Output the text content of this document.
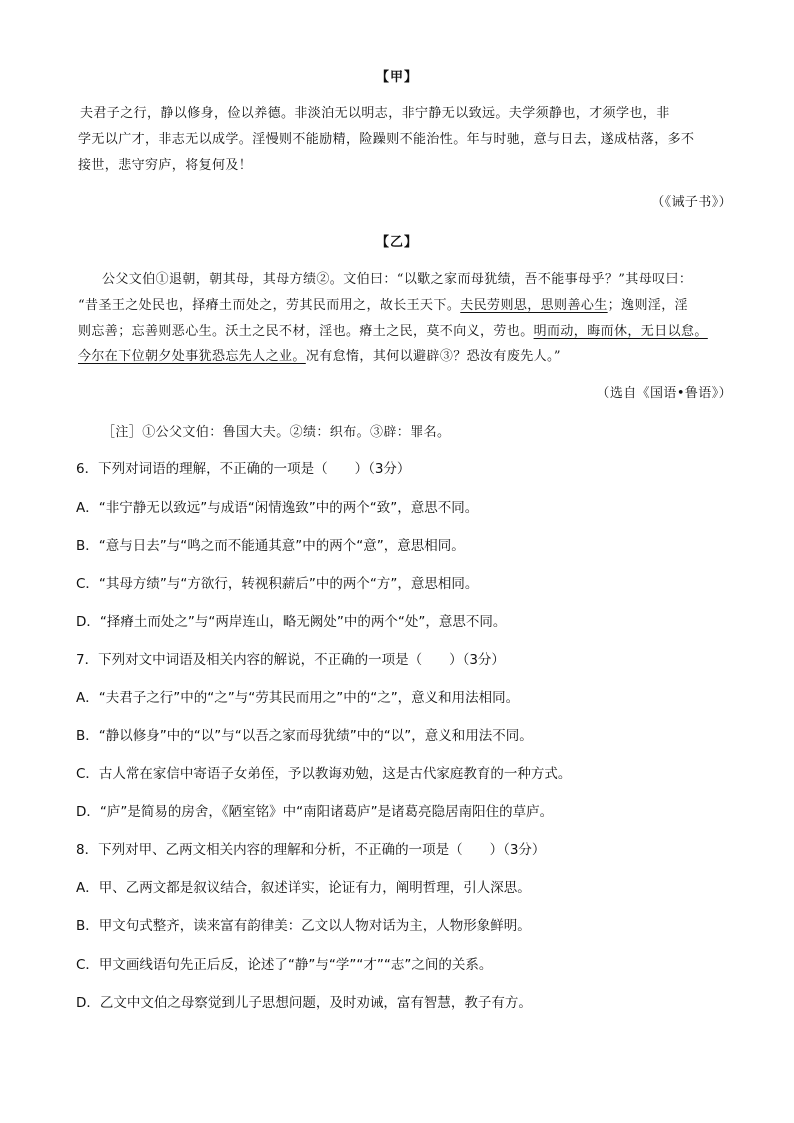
【甲】
夫君子之行，静以修身，俭以养德。非淡泊无以明志，非宁静无以致远。夫学须静也，才须学也，非
学无以广才，非志无以成学。淫慢则不能励精，险躁则不能治性。年与时驰，意与日去，遂成枯落，多不
接世，悲守穷庐，将复何及！
（《诫子书》）
【乙】
公父文伯①退朝，朝其母，其母方绩②。文伯曰：“以歜之家而母犹绩，吾不能事母乎？”其母叹曰：
“昔圣王之处民也，择瘠土而处之，劳其民而用之，故长王天下。夫民劳则思，思则善心生；逸则淫，淫
则忘善；忘善则恶心生。沃土之民不材，淫也。瘠土之民，莫不向义，劳也。明而动，晦而休，无日以怠。
今尔在下位朝夕处事犹恐忘先人之业。况有怠惰，其何以避辟③？恐汝有废先人。”
（选自《国语•鲁语》）
［注］①公父文伯：鲁国大夫。②绩：织布。③辟：罪名。
6．下列对词语的理解，不正确的一项是（　　）（3分）
A．“非宁静无以致远”与成语“闲情逸致”中的两个“致”，意思不同。
B．“意与日去”与“鸣之而不能通其意”中的两个“意”，意思相同。
C．“其母方绩”与“方欲行，转视积薪后”中的两个“方”，意思相同。
D．“择瘠土而处之”与“两岸连山，略无阙处”中的两个“处”，意思不同。
7．下列对文中词语及相关内容的解说，不正确的一项是（　　）（3分）
A．“夫君子之行”中的“之”与“劳其民而用之”中的“之”，意义和用法相同。
B．“静以修身”中的“以”与“以吾之家而母犹绩”中的“以”，意义和用法不同。
C．古人常在家信中寄语子女弟侄，予以教诲劝勉，这是古代家庭教育的一种方式。
D．“庐”是简易的房舍，《陋室铭》中“南阳诸葛庐”是诸葛亮隐居南阳住的草庐。
8．下列对甲、乙两文相关内容的理解和分析，不正确的一项是（　　）（3分）
A．甲、乙两文都是叙议结合，叙述详实，论证有力，阐明哲理，引人深思。
B．甲文句式整齐，读来富有韵律美：乙文以人物对话为主，人物形象鲜明。
C．甲文画线语句先正后反，论述了“静”与“学”“才”“志”之间的关系。
D．乙文中文伯之母察觉到儿子思想问题，及时劝诫，富有智慧，教子有方。
